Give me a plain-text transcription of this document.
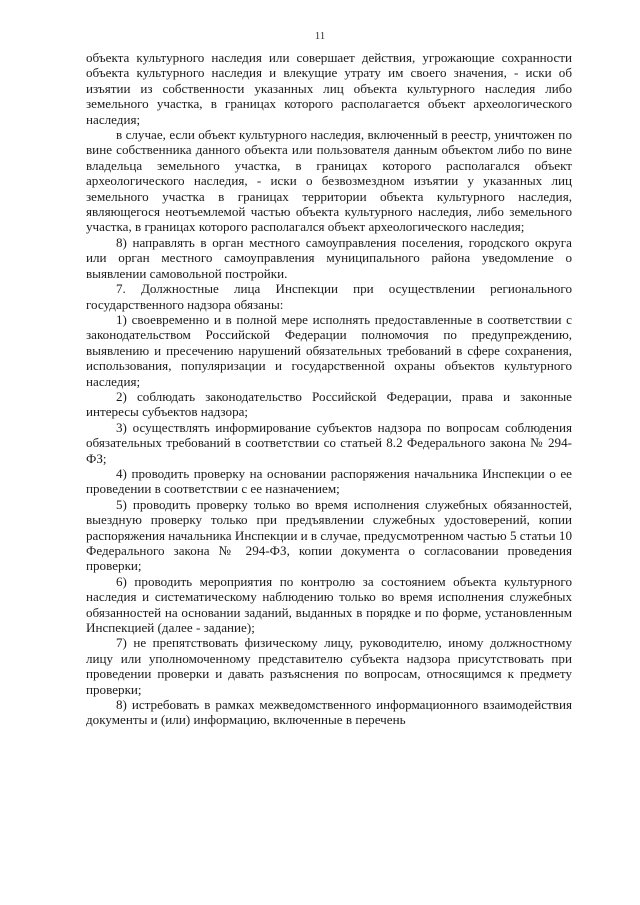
11

объекта культурного наследия или совершает действия, угрожающие сохранности объекта культурного наследия и влекущие утрату им своего значения, - иски об изъятии из собственности указанных лиц объекта культурного наследия либо земельного участка, в границах которого располагается объект археологического наследия;

в случае, если объект культурного наследия, включенный в реестр, уничтожен по вине собственника данного объекта или пользователя данным объектом либо по вине владельца земельного участка, в границах которого располагался объект археологического наследия, - иски о безвозмездном изъятии у указанных лиц земельного участка в границах территории объекта культурного наследия, являющегося неотъемлемой частью объекта культурного наследия, либо земельного участка, в границах которого располагался объект археологического наследия;

8) направлять в орган местного самоуправления поселения, городского округа или орган местного самоуправления муниципального района уведомление о выявлении самовольной постройки.

7. Должностные лица Инспекции при осуществлении регионального государственного надзора обязаны:

1) своевременно и в полной мере исполнять предоставленные в соответствии с законодательством Российской Федерации полномочия по предупреждению, выявлению и пресечению нарушений обязательных требований в сфере сохранения, использования, популяризации и государственной охраны объектов культурного наследия;

2) соблюдать законодательство Российской Федерации, права и законные интересы субъектов надзора;

3) осуществлять информирование субъектов надзора по вопросам соблюдения обязательных требований в соответствии со статьей 8.2 Федерального закона № 294-ФЗ;

4) проводить проверку на основании распоряжения начальника Инспекции о ее проведении в соответствии с ее назначением;

5) проводить проверку только во время исполнения служебных обязанностей, выездную проверку только при предъявлении служебных удостоверений, копии распоряжения начальника Инспекции и в случае, предусмотренном частью 5 статьи 10 Федерального закона № 294-ФЗ, копии документа о согласовании проведения проверки;

6) проводить мероприятия по контролю за состоянием объекта культурного наследия и систематическому наблюдению только во время исполнения служебных обязанностей на основании заданий, выданных в порядке и по форме, установленным Инспекцией (далее - задание);

7) не препятствовать физическому лицу, руководителю, иному должностному лицу или уполномоченному представителю субъекта надзора присутствовать при проведении проверки и давать разъяснения по вопросам, относящимся к предмету проверки;

8) истребовать в рамках межведомственного информационного взаимодействия документы и (или) информацию, включенные в перечень
